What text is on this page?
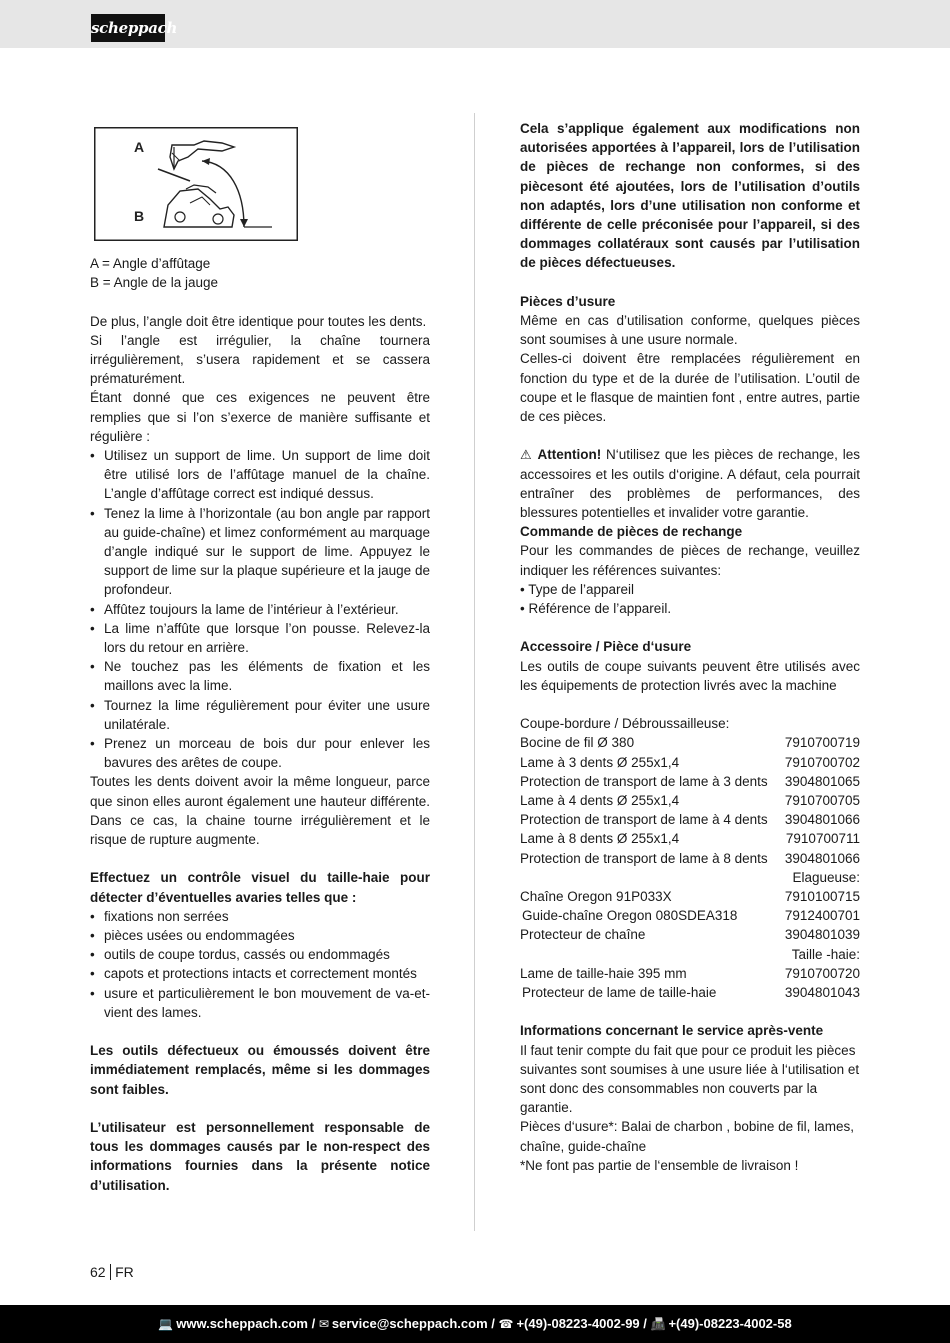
scheppach
A
B

A = Angle d’affûtage

B = Angle de la jauge

De plus, l’angle doit être identique pour toutes les dents.

Si l’angle est irrégulier, la chaîne tournera irrégulièrement, s’usera rapidement et se cassera prématurément.

Étant donné que ces exigences ne peuvent être remplies que si l’on s’exerce de manière suffisante et régulière :

• Utilisez un support de lime. Un support de lime doit être utilisé lors de l’affûtage manuel de la chaîne. L’angle d’affûtage correct est indiqué dessus.
• Tenez la lime à l’horizontale (au bon angle par rapport au guide-chaîne) et limez conformément au marquage d’angle indiqué sur le support de lime. Appuyez le support de lime sur la plaque supérieure et la jauge de profondeur.
• Affûtez toujours la lame de l’intérieur à l’extérieur.
• La lime n’affûte que lorsque l’on pousse. Relevez-la lors du retour en arrière.
• Ne touchez pas les éléments de fixation et les maillons avec la lime.
• Tournez la lime régulièrement pour éviter une usure unilatérale.
• Prenez un morceau de bois dur pour enlever les bavures des arêtes de coupe.

Toutes les dents doivent avoir la même longueur, parce que sinon elles auront également une hauteur différente. Dans ce cas, la chaine tourne irrégulièrement et le risque de rupture augmente.

Effectuez un contrôle visuel du taille-haie pour détecter d’éventuelles avaries telles que :

• fixations non serrées
• pièces usées ou endommagées
• outils de coupe tordus, cassés ou endommagés
• capots et protections intacts et correctement montés
• usure et particulièrement le bon mouvement de va-et-vient des lames.

Les outils défectueux ou émoussés doivent être immédiatement remplacés, même si les dommages sont faibles.

L’utilisateur est personnellement responsable de tous les dommages causés par le non-respect des informations fournies dans la présente notice d’utilisation.

Cela s’applique également aux modifications non autorisées apportées à l’appareil, lors de l’utilisation de pièces de rechange non conformes, si des piècesont été ajoutées, lors de l’utilisation d’outils non adaptés, lors d’une utilisation non conforme et différente de celle préconisée pour l’appareil, si des dommages collatéraux sont causés par l’utilisation de pièces défectueuses.

Pièces d’usure

Même en cas d’utilisation conforme, quelques pièces sont soumises à une usure normale.

Celles-ci doivent être remplacées régulièrement en fonction du type et de la durée de l’utilisation. L’outil de coupe et le flasque de maintien font , entre autres, partie de ces pièces.

⚠ Attention! N‘utilisez que les pièces de rechange, les accessoires et les outils d‘origine. A défaut, cela pourrait entraîner des problèmes de performances, des blessures potentielles et invalider votre garantie.

Commande de pièces de rechange

Pour les commandes de pièces de rechange, veuillez indiquer les références suivantes:

• Type de l’appareil

• Référence de l’appareil.

Accessoire / Pièce d‘usure

Les outils de coupe suivants peuvent être utilisés avec les équipements de protection livrés avec la machine

Coupe-bordure / Débroussailleuse:

Bocine de fil Ø 380	7910700719
Lame à 3 dents Ø 255x1,4	7910700702
Protection de transport de lame à 3 dents 3904801065
Lame à 4 dents Ø 255x1,4	7910700705
Protection de transport de lame à 4 dents 3904801066
Lame à 8 dents Ø 255x1,4	7910700711
Protection de transport de lame à 8 dents 3904801066

Elagueuse:

Chaîne Oregon 91P033X	7910100715
Guide-chaîne Oregon 080SDEA318	7912400701
Protecteur de chaîne	3904801039

Taille -haie:

Lame de taille-haie 395 mm	7910700720
Protecteur de lame de taille-haie	3904801043

Informations concernant le service après-vente

Il faut tenir compte du fait que pour ce produit les pièces suivantes sont soumises à une usure liée à l‘utilisation et sont donc des consommables non couverts par la garantie.

Pièces d‘usure*: Balai de charbon , bobine de fil, lames, chaîne, guide-chaîne

*Ne font pas partie de l‘ensemble de livraison !

62 FR
💻 www.scheppach.com / ✉ service@scheppach.com / ☎ +(49)-08223-4002-99 / 📠 +(49)-08223-4002-58
